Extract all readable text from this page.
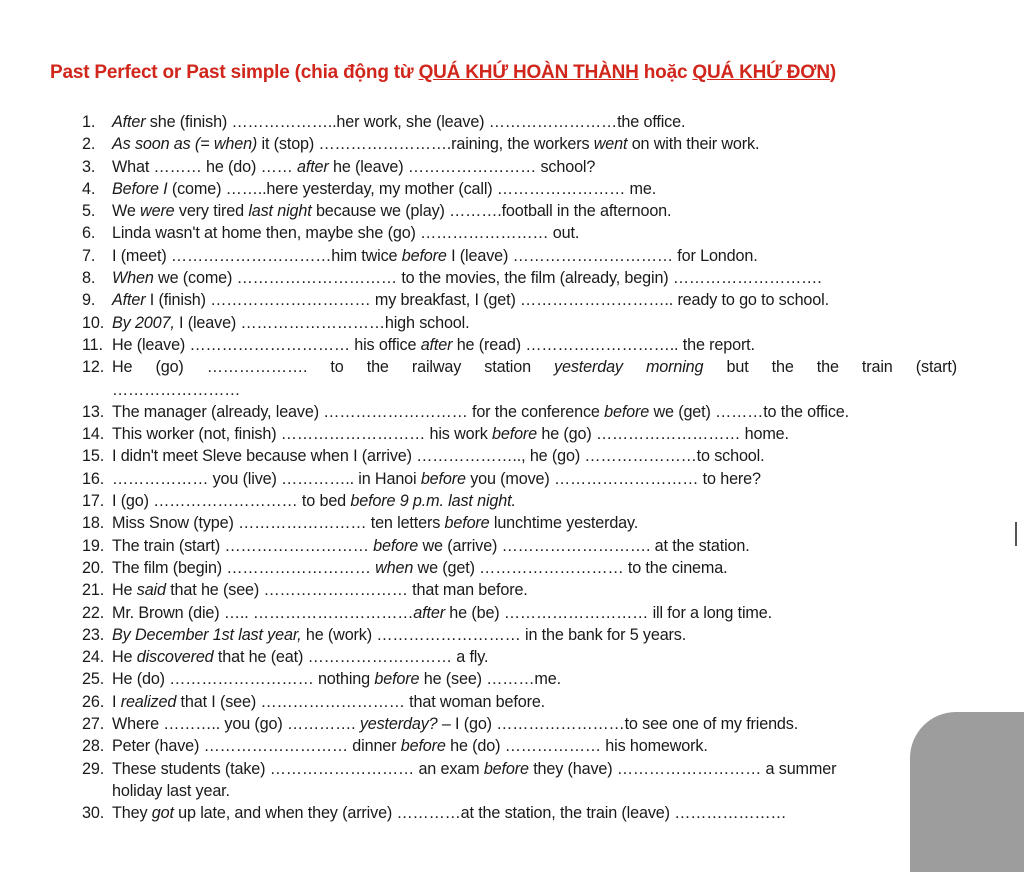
Past Perfect or Past simple (chia động từ QUÁ KHỨ HOÀN THÀNH hoặc QUÁ KHỨ ĐƠN)
1. After she (finish) ………………..her work, she (leave) ……………………the office.
2. As soon as (= when) it (stop) …………………….raining, the workers went on with their work.
3. What ……… he (do) …… after he (leave) …………………… school?
4. Before I (come) ……..here yesterday, my mother (call) …………………… me.
5. We were very tired last night because we (play) ……….football in the afternoon.
6. Linda wasn't at home then, maybe she (go) …………………… out.
7. I (meet) …………………………him twice before I (leave) ………………………… for London.
8. When we (come) ………………………… to the movies, the film (already, begin) ……………………….
9. After I (finish) ………………………… my breakfast, I (get) ……………………….. ready to go to school.
10. By 2007, I (leave) ………………………high school.
11. He (leave) ………………………… his office after he (read) ……………………….. the report.
12. He (go) ………………. to the railway station yesterday morning but the the train (start)
……………………
13. The manager (already, leave) ……………………… for the conference before we (get) ………to the office.
14. This worker (not, finish) ……………………… his work before he (go) ……………………… home.
15. I didn't meet Sleve because when I (arrive) ……………….., he (go) …………………to school.
16. ……………… you (live) ………….. in Hanoi before you (move) ……………………… to here?
17. I (go) ……………………… to bed before 9 p.m. last night.
18. Miss Snow (type) …………………… ten letters before lunchtime yesterday.
19. The train (start) ……………………… before we (arrive) ………………………. at the station.
20. The film (begin) ……………………… when we (get) ……………………… to the cinema.
21. He said that he (see) ……………………… that man before.
22. Mr. Brown (die) ….. …………………………after he (be) ……………………… ill for a long time.
23. By December 1st last year, he (work) ……………………… in the bank for 5 years.
24. He discovered that he (eat) ……………………… a fly.
25. He (do) ……………………… nothing before he (see) ………me.
26. I realized that I (see) ……………………… that woman before.
27. Where ……….. you (go) …………. yesterday? – I (go) ……………………to see one of my friends.
28. Peter (have) ……………………… dinner before he (do) ……………… his homework.
29. These students (take) ……………………… an exam before they (have) ……………………… a summer
holiday last year.
30. They got up late, and when they (arrive) …………at the station, the train (leave) …………………
